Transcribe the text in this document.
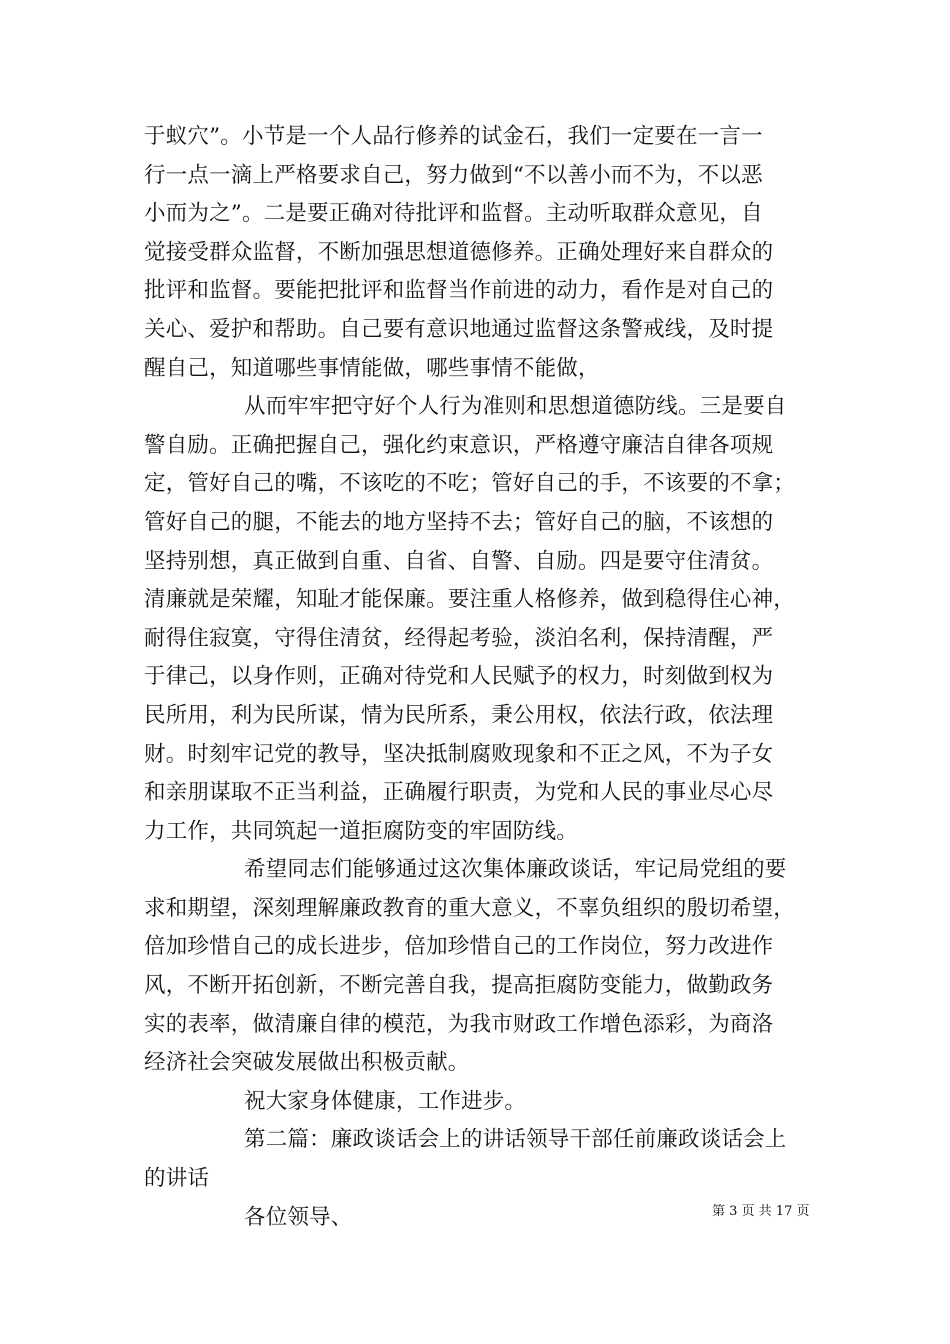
于蚁穴”。小节是一个人品行修养的试金石，我们一定要在一言一
行一点一滴上严格要求自己，努力做到“不以善小而不为，不以恶
小而为之”。二是要正确对待批评和监督。主动听取群众意见，自
觉接受群众监督，不断加强思想道德修养。正确处理好来自群众的
批评和监督。要能把批评和监督当作前进的动力，看作是对自己的
关心、爱护和帮助。自己要有意识地通过监督这条警戒线，及时提
醒自己，知道哪些事情能做，哪些事情不能做，
从而牢牢把守好个人行为准则和思想道德防线。三是要自
警自励。正确把握自己，强化约束意识，严格遵守廉洁自律各项规
定，管好自己的嘴，不该吃的不吃；管好自己的手，不该要的不拿；
管好自己的腿，不能去的地方坚持不去；管好自己的脑，不该想的
坚持别想，真正做到自重、自省、自警、自励。四是要守住清贫。
清廉就是荣耀，知耻才能保廉。要注重人格修养，做到稳得住心神，
耐得住寂寞，守得住清贫，经得起考验，淡泊名利，保持清醒，严
于律己，以身作则，正确对待党和人民赋予的权力，时刻做到权为
民所用，利为民所谋，情为民所系，秉公用权，依法行政，依法理
财。时刻牢记党的教导，坚决抵制腐败现象和不正之风，不为子女
和亲朋谋取不正当利益，正确履行职责，为党和人民的事业尽心尽
力工作，共同筑起一道拒腐防变的牢固防线。
希望同志们能够通过这次集体廉政谈话，牢记局党组的要
求和期望，深刻理解廉政教育的重大意义，不辜负组织的殷切希望，
倍加珍惜自己的成长进步，倍加珍惜自己的工作岗位，努力改进作
风，不断开拓创新，不断完善自我，提高拒腐防变能力，做勤政务
实的表率，做清廉自律的模范，为我市财政工作增色添彩，为商洛
经济社会突破发展做出积极贡献。
祝大家身体健康，工作进步。
第二篇：廉政谈话会上的讲话领导干部任前廉政谈话会上
的讲话
各位领导、	第 3 页 共 17 页
